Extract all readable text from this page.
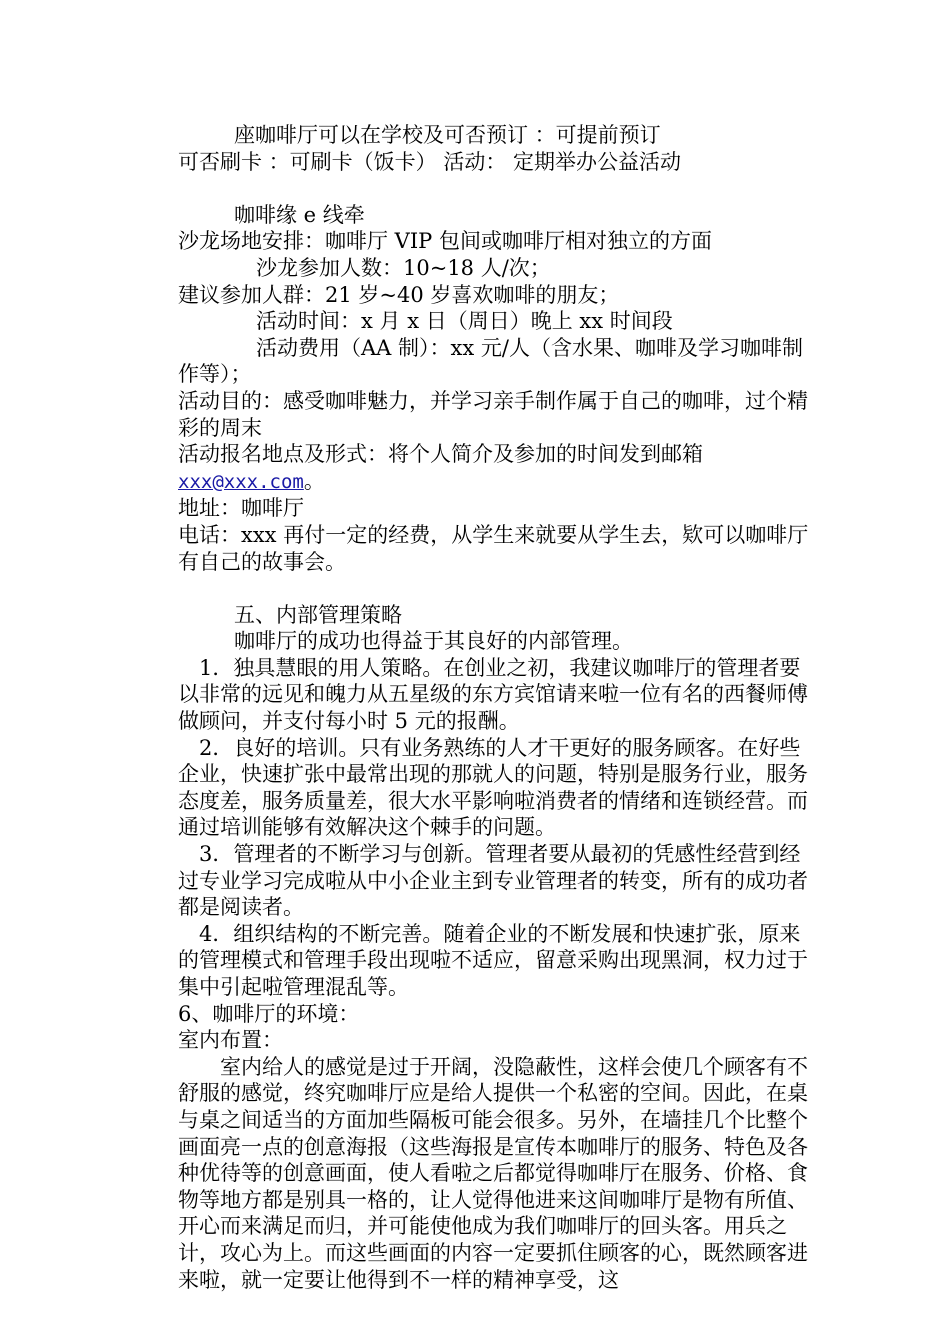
座咖啡厅可以在学校及可否预订 ：可提前预订

可否刷卡 ：可刷卡（饭卡） 活动： 定期举办公益活动

咖啡缘 e 线牵

沙龙场地安排：咖啡厅 VIP 包间或咖啡厅相对独立的方面

沙龙参加人数：10~18 人/次；

建议参加人群：21 岁~40 岁喜欢咖啡的朋友；

活动时间：x 月 x 日（周日）晚上 xx 时间段

活动费用（AA 制）：xx 元/人（含水果、咖啡及学习咖啡制作等）；

活动目的：感受咖啡魅力，并学习亲手制作属于自己的咖啡，过个精彩的周末

活动报名地点及形式：将个人简介及参加的时间发到邮箱

xxx@xxx.com。

地址：咖啡厅

电话：xxx 再付一定的经费，从学生来就要从学生去，欵可以咖啡厅有自己的故事会。

五、内部管理策略

咖啡厅的成功也得益于其良好的内部管理。

1．独具慧眼的用人策略。在创业之初，我建议咖啡厅的管理者要以非常的远见和魄力从五星级的东方宾馆请来啦一位有名的西餐师傅做顾问，并支付每小时 5 元的报酬。

2．良好的培训。只有业务熟练的人才干更好的服务顾客。在好些企业，快速扩张中最常出现的那就人的问题，特别是服务行业，服务态度差，服务质量差，很大水平影响啦消费者的情绪和连锁经营。而通过培训能够有效解决这个棘手的问题。

3．管理者的不断学习与创新。管理者要从最初的凭感性经营到经过专业学习完成啦从中小企业主到专业管理者的转变，所有的成功者都是阅读者。

4．组织结构的不断完善。随着企业的不断发展和快速扩张，原来的管理模式和管理手段出现啦不适应，留意采购出现黑洞，权力过于集中引起啦管理混乱等。

6、咖啡厅的环境：

室内布置：

室内给人的感觉是过于开阔，没隐蔽性，这样会使几个顾客有不舒服的感觉，终究咖啡厅应是给人提供一个私密的空间。因此，在桌与桌之间适当的方面加些隔板可能会很多。另外，在墙挂几个比整个画面亮一点的创意海报（这些海报是宣传本咖啡厅的服务、特色及各种优待等的创意画面，使人看啦之后都觉得咖啡厅在服务、价格、食物等地方都是别具一格的，让人觉得他进来这间咖啡厅是物有所值、开心而来满足而归，并可能使他成为我们咖啡厅的回头客。用兵之计，攻心为上。而这些画面的内容一定要抓住顾客的心，既然顾客进来啦，就一定要让他得到不一样的精神享受，这
